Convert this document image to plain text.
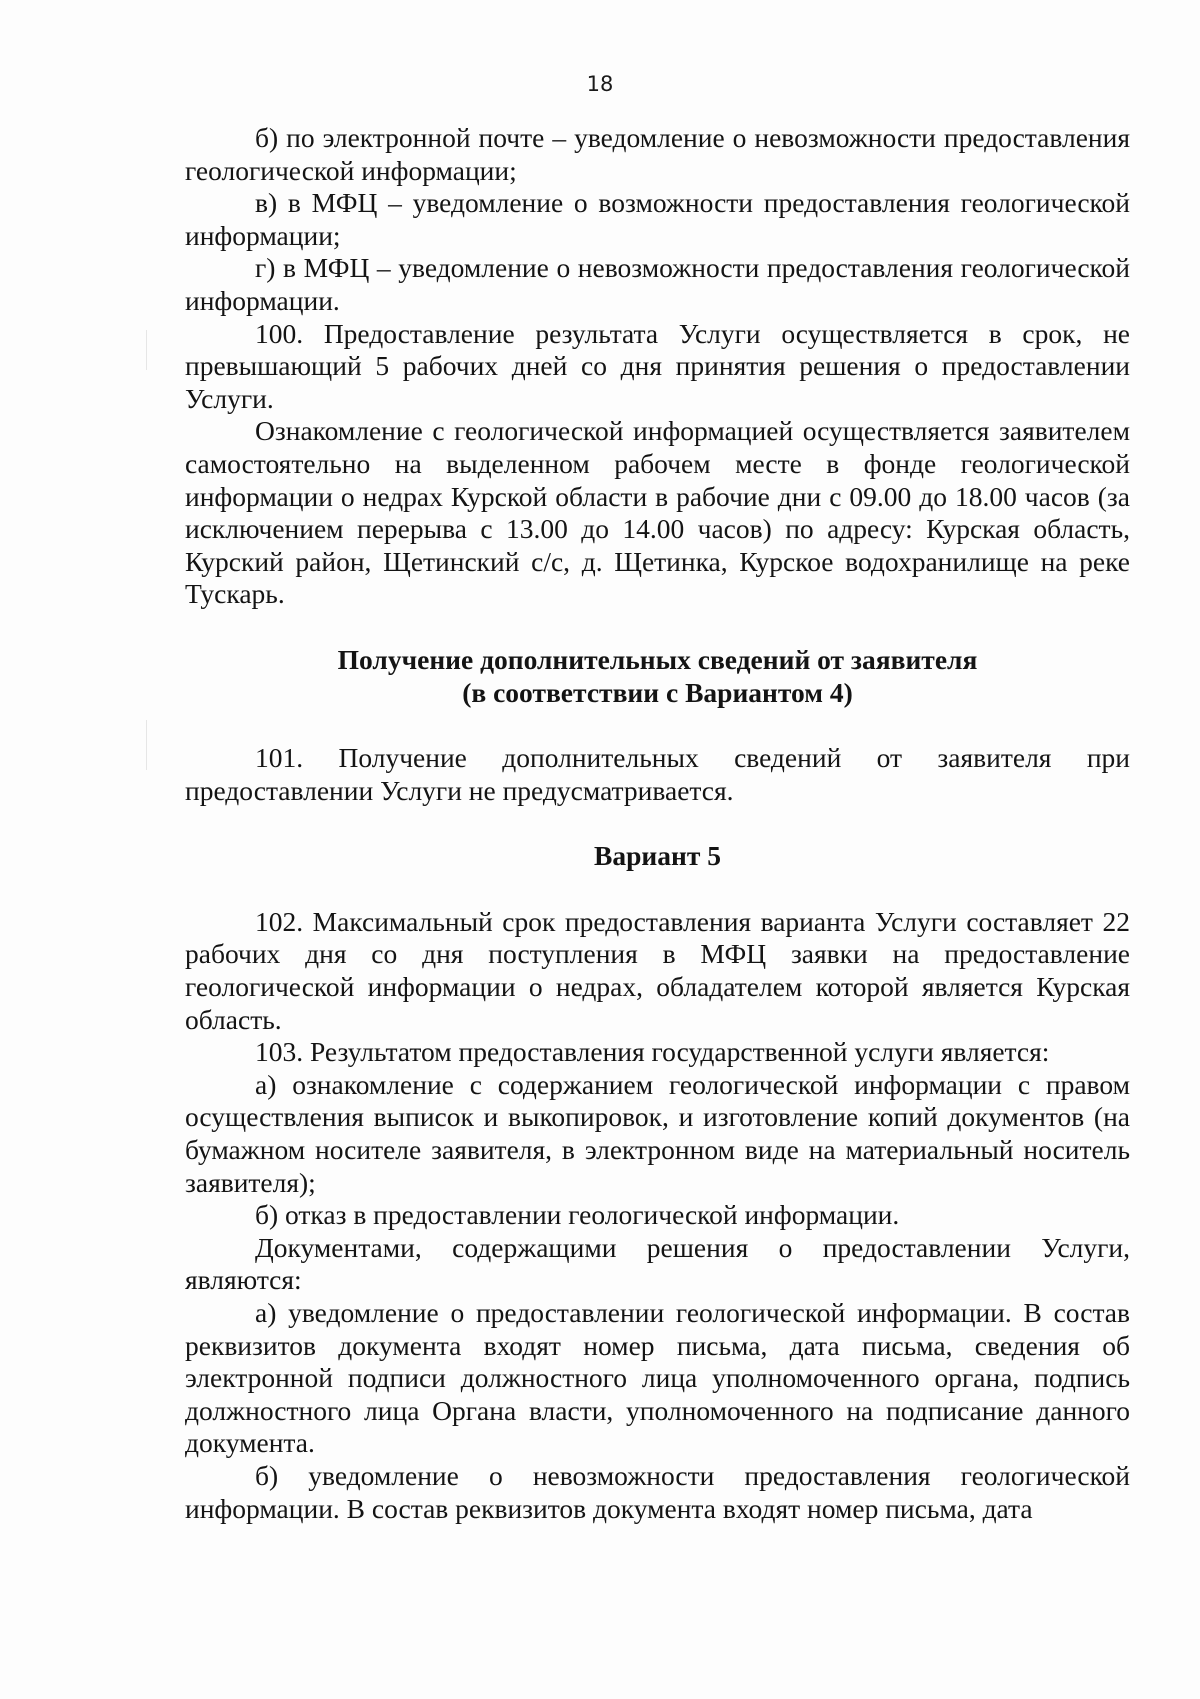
18

б) по электронной почте – уведомление о невозможности предоставления геологической информации;

в) в МФЦ – уведомление о возможности предоставления геологической информации;

г) в МФЦ – уведомление о невозможности предоставления геологической информации.

100. Предоставление результата Услуги осуществляется в срок, не превышающий 5 рабочих дней со дня принятия решения о предоставлении Услуги.

Ознакомление с геологической информацией осуществляется заявителем самостоятельно на выделенном рабочем месте в фонде геологической информации о недрах Курской области в рабочие дни с 09.00 до 18.00 часов (за исключением перерыва с 13.00 до 14.00 часов) по адресу: Курская область, Курский район, Щетинский с/с, д. Щетинка, Курское водохранилище на реке Тускарь.

Получение дополнительных сведений от заявителя
(в соответствии с Вариантом 4)

101. Получение дополнительных сведений от заявителя при предоставлении Услуги не предусматривается.

Вариант 5

102. Максимальный срок предоставления варианта Услуги составляет 22 рабочих дня со дня поступления в МФЦ заявки на предоставление геологической информации о недрах, обладателем которой является Курская область.

103. Результатом предоставления государственной услуги является:

а) ознакомление с содержанием геологической информации с правом осуществления выписок и выкопировок, и изготовление копий документов (на бумажном носителе заявителя, в электронном виде на материальный носитель заявителя);

б) отказ в предоставлении геологической информации.

Документами, содержащими решения о предоставлении Услуги, являются:

а) уведомление о предоставлении геологической информации. В состав реквизитов документа входят номер письма, дата письма, сведения об электронной подписи должностного лица уполномоченного органа, подпись должностного лица Органа власти, уполномоченного на подписание данного документа.

б) уведомление о невозможности предоставления геологической информации. В состав реквизитов документа входят номер письма, дата
